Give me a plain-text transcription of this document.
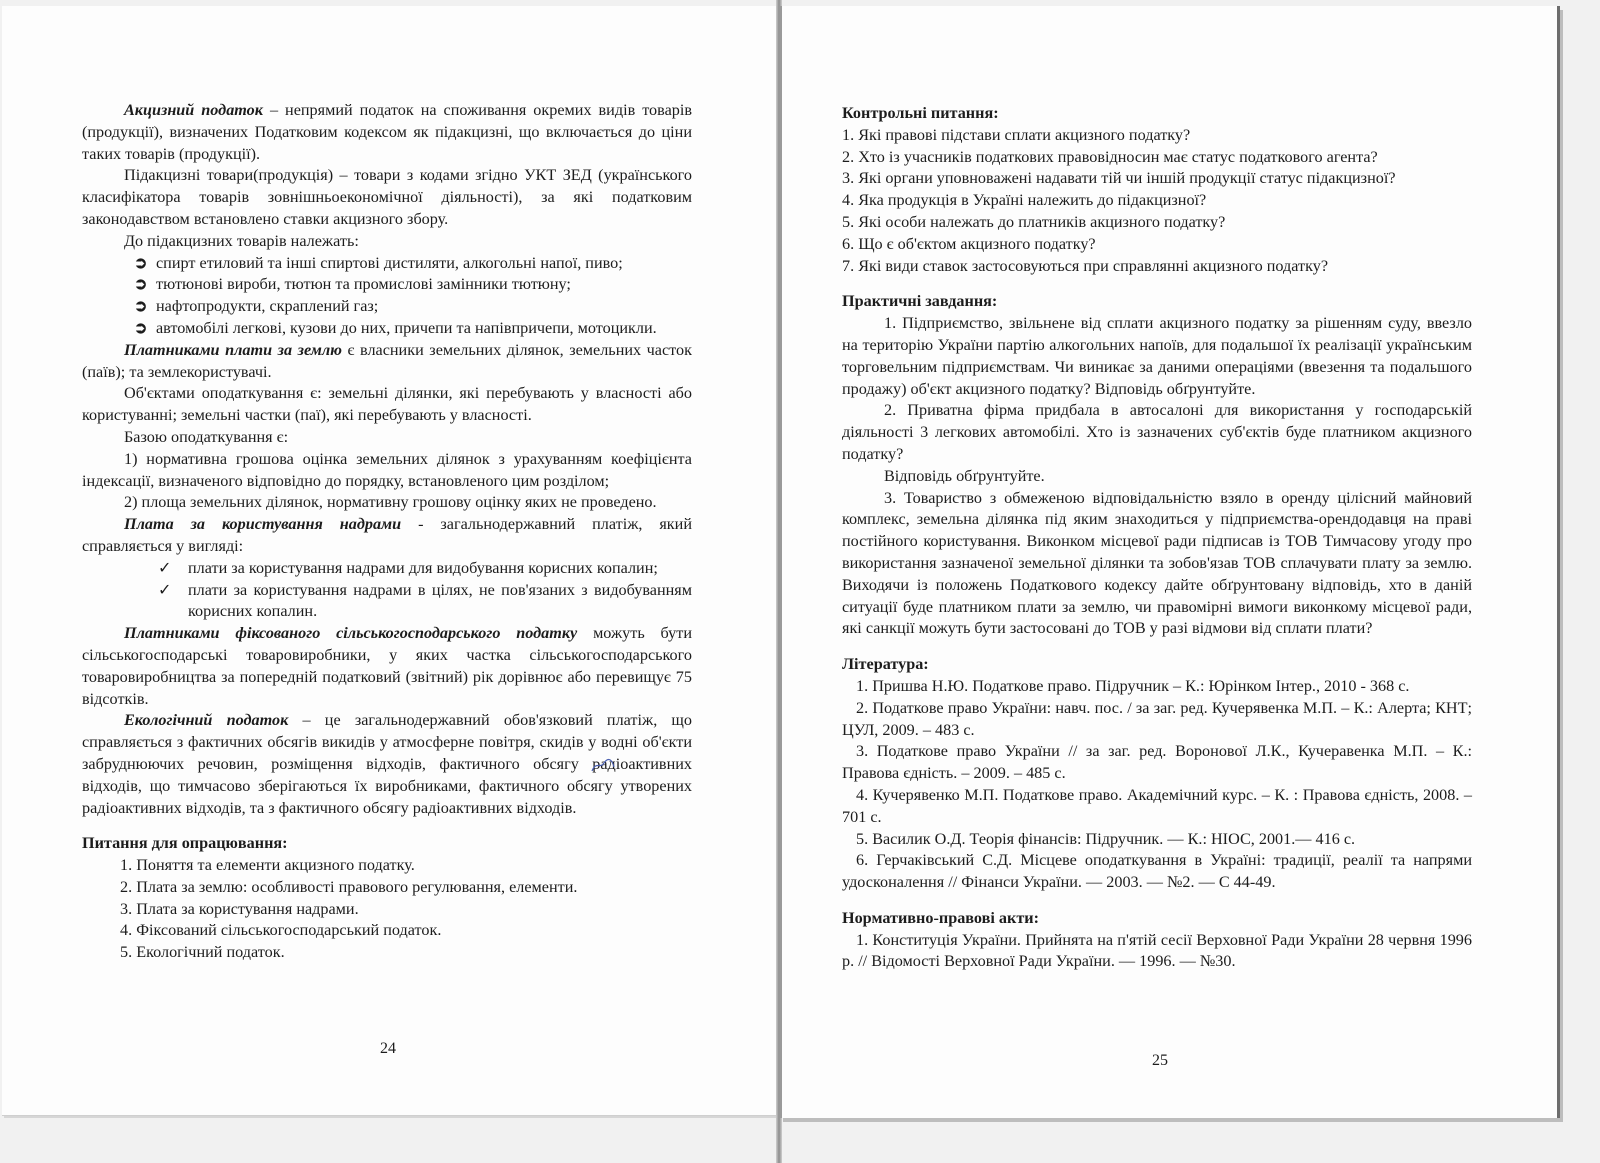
Акцизний податок – непрямий податок на споживання окремих видів товарів (продукції), визначених Податковим кодексом як підакцизні, що включається до ціни таких товарів (продукції).

Підакцизні товари(продукція) – товари з кодами згідно УКТ ЗЕД (українського класифікатора товарів зовнішньоекономічної діяльності), за які податковим законодавством встановлено ставки акцизного збору.

До підакцизних товарів належать:

➲ спирт етиловий та інші спиртові дистиляти, алкогольні напої, пиво;
➲ тютюнові вироби, тютюн та промислові замінники тютюну;
➲ нафтопродукти, скраплений газ;
➲ автомобілі легкові, кузови до них, причепи та напівпричепи, мотоцикли.

Платниками плати за землю є власники земельних ділянок, земельних часток (паїв); та землекористувачі.

Об'єктами оподаткування є: земельні ділянки, які перебувають у власності або користуванні; земельні частки (паї), які перебувають у власності.

Базою оподаткування є:

1) нормативна грошова оцінка земельних ділянок з урахуванням коефіцієнта індексації, визначеного відповідно до порядку, встановленого цим розділом;

2) площа земельних ділянок, нормативну грошову оцінку яких не проведено.

Плата за користування надрами - загальнодержавний платіж, який справляється у вигляді:

✓ плати за користування надрами для видобування корисних копалин;
✓ плати за користування надрами в цілях, не пов'язаних з видобуванням корисних копалин.

Платниками фіксованого сільськогосподарського податку можуть бути сільськогосподарські товаровиробники, у яких частка сільськогосподарського товаровиробництва за попередній податковий (звітний) рік дорівнює або перевищує 75 відсотків.

Екологічний податок – це загальнодержавний обов'язковий платіж, що справляється з фактичних обсягів викидів у атмосферне повітря, скидів у водні об'єкти забруднюючих речовин, розміщення відходів, фактичного обсягу радіоактивних відходів, що тимчасово зберігаються їх виробниками, фактичного обсягу утворених радіоактивних відходів, та з фактичного обсягу радіоактивних відходів.

Питання для опрацювання:
1. Поняття та елементи акцизного податку.
2. Плата за землю: особливості правового регулювання, елементи.
3. Плата за користування надрами.
4. Фіксований сільськогосподарський податок.
5. Екологічний податок.
24
Контрольні питання:
1. Які правові підстави сплати акцизного податку?
2. Хто із учасників податкових правовідносин має статус податкового агента?
3. Які органи уповноважені надавати тій чи іншій продукції статус підакцизної?
4. Яка продукція в Україні належить до підакцизної?
5. Які особи належать до платників акцизного податку?
6. Що є об'єктом акцизного податку?
7. Які види ставок застосовуються при справлянні акцизного податку?
Практичні завдання:

1. Підприємство, звільнене від сплати акцизного податку за рішенням суду, ввезло на територію України партію алкогольних напоїв, для подальшої їх реалізації українським торговельним підприємствам. Чи виникає за даними операціями (ввезення та подальшого продажу) об'єкт акцизного податку? Відповідь обґрунтуйте.

2. Приватна фірма придбала в автосалоні для використання у господарській діяльності 3 легкових автомобілі. Хто із зазначених суб'єктів буде платником акцизного податку?

Відповідь обґрунтуйте.

3. Товариство з обмеженою відповідальністю взяло в оренду цілісний майновий комплекс, земельна ділянка під яким знаходиться у підприємства-орендодавця на праві постійного користування. Виконком місцевої ради підписав із ТОВ Тимчасову угоду про використання зазначеної земельної ділянки та зобов'язав ТОВ сплачувати плату за землю. Виходячи із положень Податкового кодексу дайте обґрунтовану відповідь, хто в даній ситуації буде платником плати за землю, чи правомірні вимоги виконкому місцевої ради, які санкції можуть бути застосовані до ТОВ у разі відмови від сплати плати?

Література:

1. Пришва Н.Ю. Податкове право. Підручник – К.: Юрінком Інтер., 2010 - 368 с.

2. Податкове право України: навч. пос. / за заг. ред. Кучерявенка М.П. – К.: Алерта; КНТ; ЦУЛ, 2009. – 483 с.

3. Податкове право України // за заг. ред. Воронової Л.К., Кучеравенка М.П. – К.: Правова єдність. – 2009. – 485 с.

4. Кучерявенко М.П. Податкове право. Академічний курс. – К. : Правова єдність, 2008. – 701 с.

5. Василик О.Д. Теорія фінансів: Підручник. — К.: НІОС, 2001.— 416 с.

6. Герчаківський С.Д. Місцеве оподаткування в Україні: традиції, реалії та напрями удосконалення // Фінанси України. — 2003. — №2. — С 44-49.

Нормативно-правові акти:

1. Конституція України. Прийнята на п'ятій сесії Верховної Ради України 28 червня 1996 р. // Відомості Верховної Ради України. — 1996. — №30.

25
